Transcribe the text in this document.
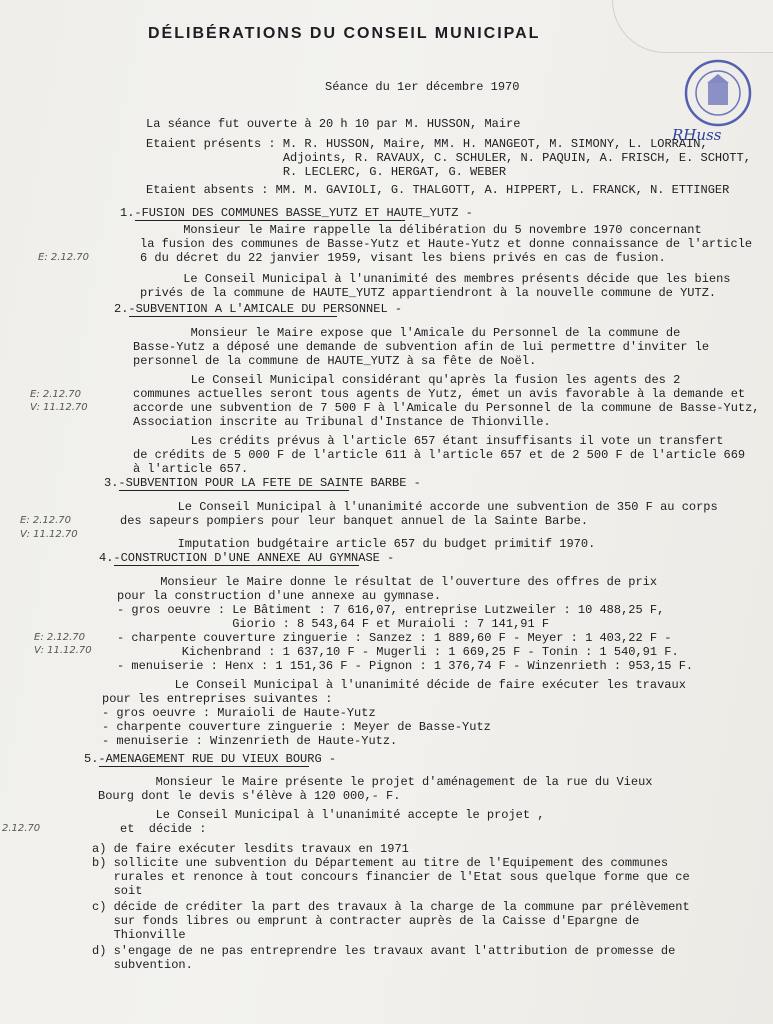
DÉLIBÉRATIONS DU CONSEIL MUNICIPAL
Séance du 1er décembre 1970
RHuss
La séance fut ouverte à 20 h 10 par M. HUSSON, Maire
Etaient présents : M. R. HUSSON, Maire, MM. H. MANGEOT, M. SIMONY, L. LORRAIN,
Adjoints, R. RAVAUX, C. SCHULER, N. PAQUIN, A. FRISCH, E. SCHOTT,
R. LECLERC, G. HERGAT, G. WEBER
Etaient absents : MM. M. GAVIOLI, G. THALGOTT, A. HIPPERT, L. FRANCK, N. ETTINGER
1.-FUSION DES COMMUNES BASSE_YUTZ ET HAUTE_YUTZ -
Monsieur le Maire rappelle la délibération du 5 novembre 1970 concernant
la fusion des communes de Basse-Yutz et Haute-Yutz et donne connaissance de l'article
6 du décret du 22 janvier 1959, visant les biens privés en cas de fusion.
Le Conseil Municipal à l'unanimité des membres présents décide que les biens
privés de la commune de HAUTE_YUTZ appartiendront à la nouvelle commune de YUTZ.
2.-SUBVENTION A L'AMICALE DU PERSONNEL -
Monsieur le Maire expose que l'Amicale du Personnel de la commune de
Basse-Yutz a déposé une demande de subvention afin de lui permettre d'inviter le
personnel de la commune de HAUTE_YUTZ à sa fête de Noël.
Le Conseil Municipal considérant qu'après la fusion les agents des 2
communes actuelles seront tous agents de Yutz, émet un avis favorable à la demande et
accorde une subvention de 7 500 F à l'Amicale du Personnel de la commune de Basse-Yutz,
Association inscrite au Tribunal d'Instance de Thionville.
Les crédits prévus à l'article 657 étant insuffisants il vote un transfert
de crédits de 5 000 F de l'article 611 à l'article 657 et de 2 500 F de l'article 669
à l'article 657.
3.-SUBVENTION POUR LA FETE DE SAINTE BARBE -
Le Conseil Municipal à l'unanimité accorde une subvention de 350 F au corps
des sapeurs pompiers pour leur banquet annuel de la Sainte Barbe.
Imputation budgétaire article 657 du budget primitif 1970.
4.-CONSTRUCTION D'UNE ANNEXE AU GYMNASE -
Monsieur le Maire donne le résultat de l'ouverture des offres de prix
pour la construction d'une annexe au gymnase.
- gros oeuvre : Le Bâtiment : 7 616,07, entreprise Lutzweiler : 10 488,25 F,
Giorio : 8 543,64 F et Muraioli : 7 141,91 F
- charpente couverture zinguerie : Sanzez : 1 889,60 F - Meyer : 1 403,22 F -
Kichenbrand : 1 637,10 F - Mugerli : 1 669,25 F - Tonin : 1 540,91 F.
- menuiserie : Henx : 1 151,36 F - Pignon : 1 376,74 F - Winzenrieth : 953,15 F.
Le Conseil Municipal à l'unanimité décide de faire exécuter les travaux
pour les entreprises suivantes :
- gros oeuvre : Muraioli de Haute-Yutz
- charpente couverture zinguerie : Meyer de Basse-Yutz
- menuiserie : Winzenrieth de Haute-Yutz.
5.-AMENAGEMENT RUE DU VIEUX BOURG -
Monsieur le Maire présente le projet d'aménagement de la rue du Vieux
Bourg dont le devis s'élève à 120 000,- F.
Le Conseil Municipal à l'unanimité accepte le projet ,
et  décide :
a) de faire exécuter lesdits travaux en 1971
b) sollicite une subvention du Département au titre de l'Equipement des communes
rurales et renonce à tout concours financier de l'Etat sous quelque forme que ce
soit
c) décide de créditer la part des travaux à la charge de la commune par prélèvement
sur fonds libres ou emprunt à contracter auprès de la Caisse d'Epargne de
Thionville
d) s'engage de ne pas entreprendre les travaux avant l'attribution de promesse de
subvention.
E: 2.12.70
E: 2.12.70
V: 11.12.70
E: 2.12.70
V: 11.12.70
E: 2.12.70
V: 11.12.70
2.12.70
